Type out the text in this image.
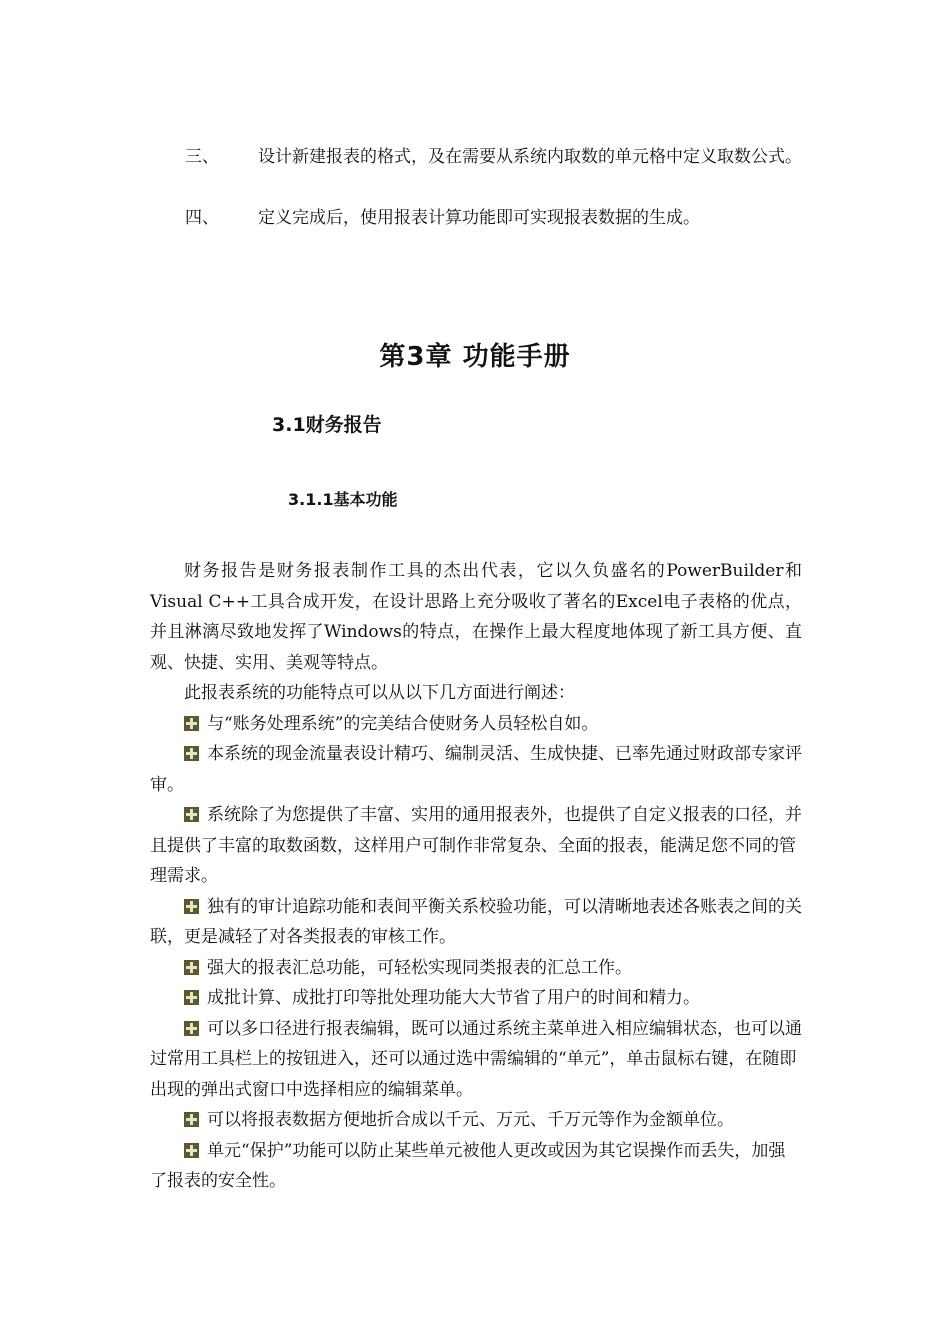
三、	设计新建报表的格式，及在需要从系统内取数的单元格中定义取数公式。
四、	定义完成后，使用报表计算功能即可实现报表数据的生成。
第3章 功能手册
3.1财务报告
3.1.1基本功能

财务报告是财务报表制作工具的杰出代表，它以久负盛名的PowerBuilder和Visual C++工具合成开发，在设计思路上充分吸收了著名的Excel电子表格的优点，并且淋漓尽致地发挥了Windows的特点，在操作上最大程度地体现了新工具方便、直观、快捷、实用、美观等特点。

此报表系统的功能特点可以从以下几方面进行阐述：

与“账务处理系统”的完美结合使财务人员轻松自如。

本系统的现金流量表设计精巧、编制灵活、生成快捷、已率先通过财政部专家评审。

系统除了为您提供了丰富、实用的通用报表外，也提供了自定义报表的口径，并且提供了丰富的取数函数，这样用户可制作非常复杂、全面的报表，能满足您不同的管理需求。

独有的审计追踪功能和表间平衡关系校验功能，可以清晰地表述各账表之间的关联，更是减轻了对各类报表的审核工作。

强大的报表汇总功能，可轻松实现同类报表的汇总工作。

成批计算、成批打印等批处理功能大大节省了用户的时间和精力。

可以多口径进行报表编辑，既可以通过系统主菜单进入相应编辑状态，也可以通过常用工具栏上的按钮进入，还可以通过选中需编辑的“单元”，单击鼠标右键，在随即出现的弹出式窗口中选择相应的编辑菜单。

可以将报表数据方便地折合成以千元、万元、千万元等作为金额单位。

单元“保护”功能可以防止某些单元被他人更改或因为其它误操作而丢失，加强了报表的安全性。
